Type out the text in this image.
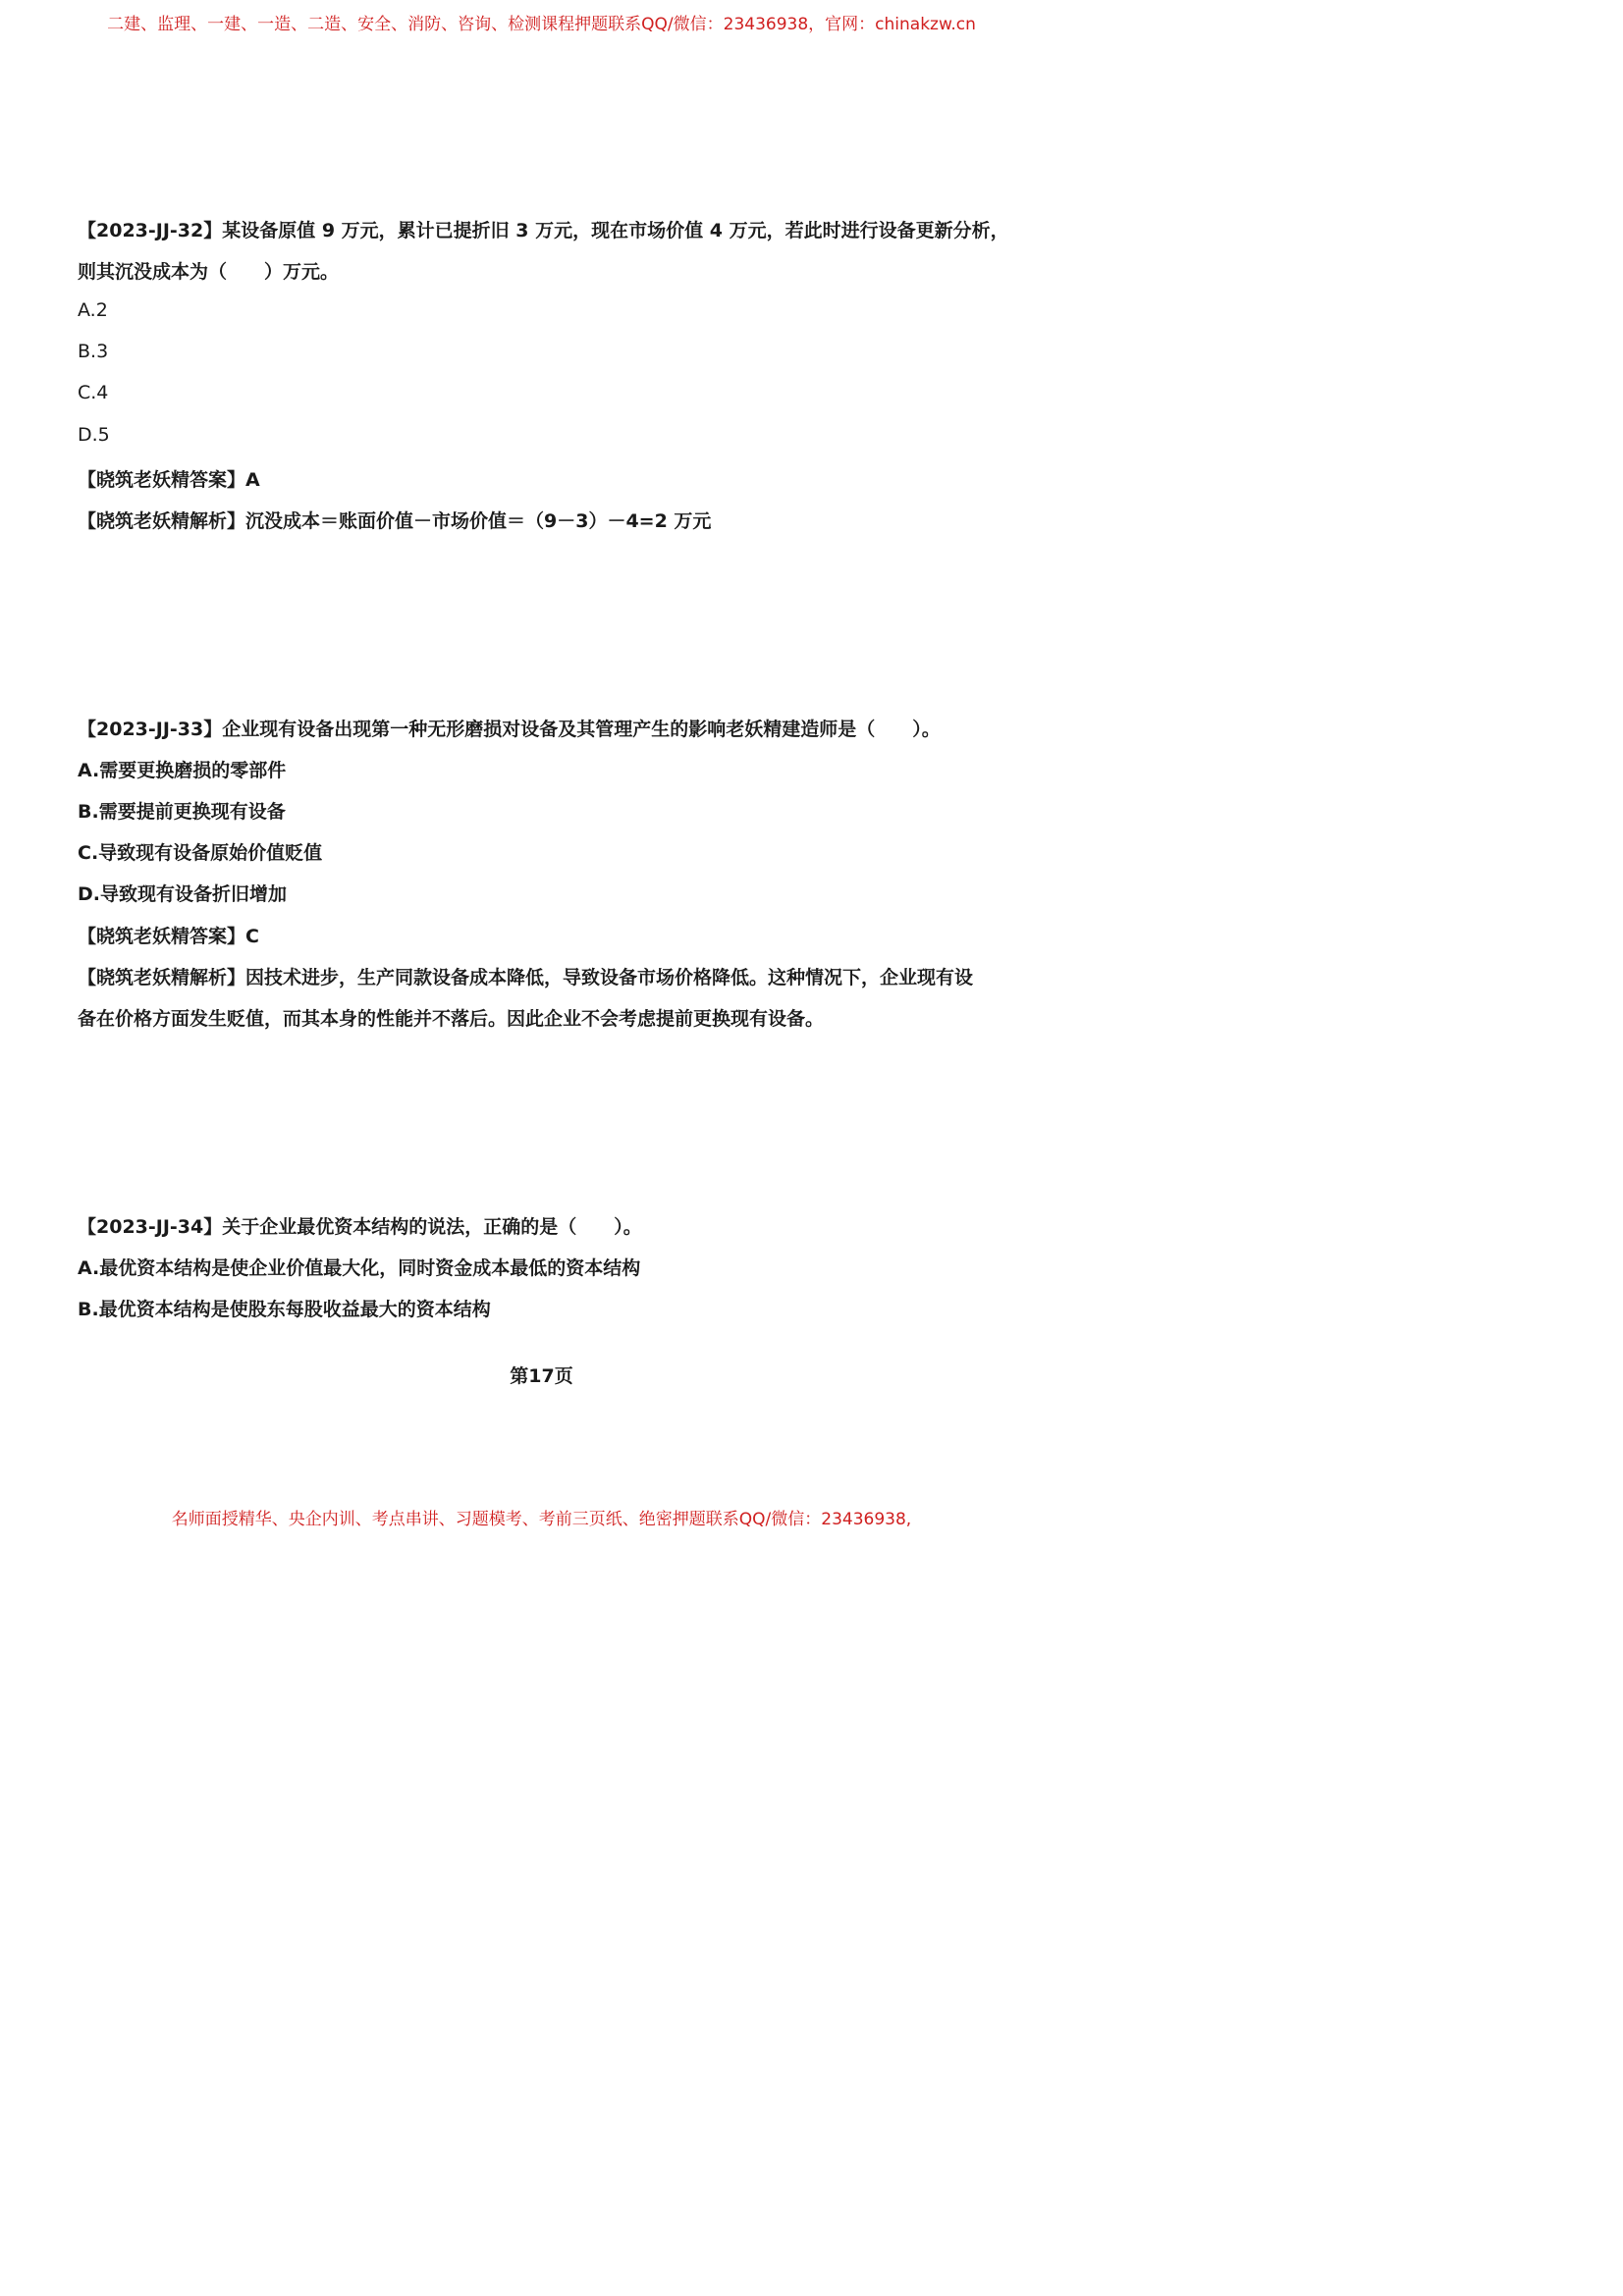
二建、监理、一建、一造、二造、安全、消防、咨询、检测课程押题联系QQ/微信：23436938，官网：chinakzw.cn
【2023-JJ-32】某设备原值 9 万元，累计已提折旧 3 万元，现在市场价值 4 万元，若此时进行设备更新分析，
则其沉没成本为（　　）万元。
A.2
B.3
C.4
D.5
【晓筑老妖精答案】A
【晓筑老妖精解析】沉没成本＝账面价值－市场价值＝（9－3）－4=2 万元
【2023-JJ-33】企业现有设备出现第一种无形磨损对设备及其管理产生的影响老妖精建造师是（　　）。
A.需要更换磨损的零部件
B.需要提前更换现有设备
C.导致现有设备原始价值贬值
D.导致现有设备折旧增加
【晓筑老妖精答案】C
【晓筑老妖精解析】因技术进步，生产同款设备成本降低，导致设备市场价格降低。这种情况下，企业现有设
备在价格方面发生贬值，而其本身的性能并不落后。因此企业不会考虑提前更换现有设备。
【2023-JJ-34】关于企业最优资本结构的说法，正确的是（　　）。
A.最优资本结构是使企业价值最大化，同时资金成本最低的资本结构
B.最优资本结构是使股东每股收益最大的资本结构
第17页
名师面授精华、央企内训、考点串讲、习题模考、考前三页纸、绝密押题联系QQ/微信：23436938,
